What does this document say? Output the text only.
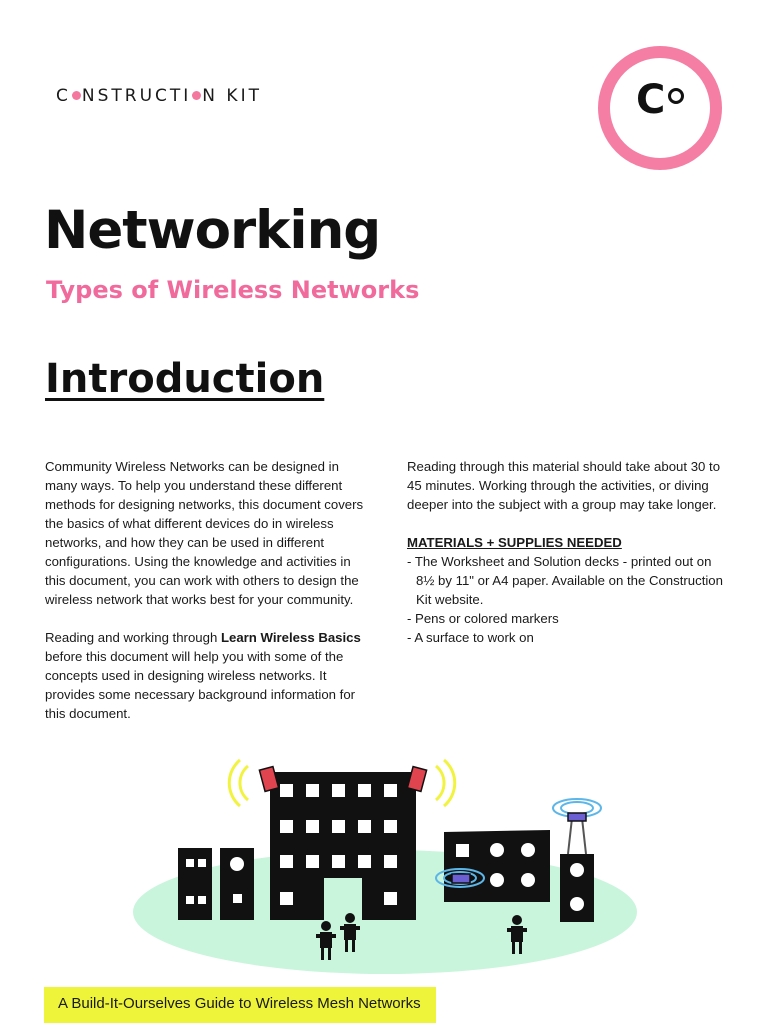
C NSTRUCTI N KIT	C
Networking
Types of Wireless Networks
Introduction

Community Wireless Networks can be designed in many ways. To help you understand these different methods for designing networks, this document covers the basics of what different devices do in wireless networks, and how they can be used in different configurations. Using the knowledge and activities in this document, you can work with others to design the wireless network that works best for your community.

Reading and working through Learn Wireless Basics before this document will help you with some of the concepts used in designing wireless networks. It provides some necessary background information for this document.

Reading through this material should take about 30 to 45 minutes. Working through the activities, or diving deeper into the subject with a group may take longer.

MATERIALS + SUPPLIES NEEDED

- The Worksheet and Solution decks - printed out on 8½ by 11" or A4 paper. Available on the Construction Kit website.
- Pens or colored markers
- A surface to work on
A Build-It-Ourselves Guide to Wireless Mesh Networks
